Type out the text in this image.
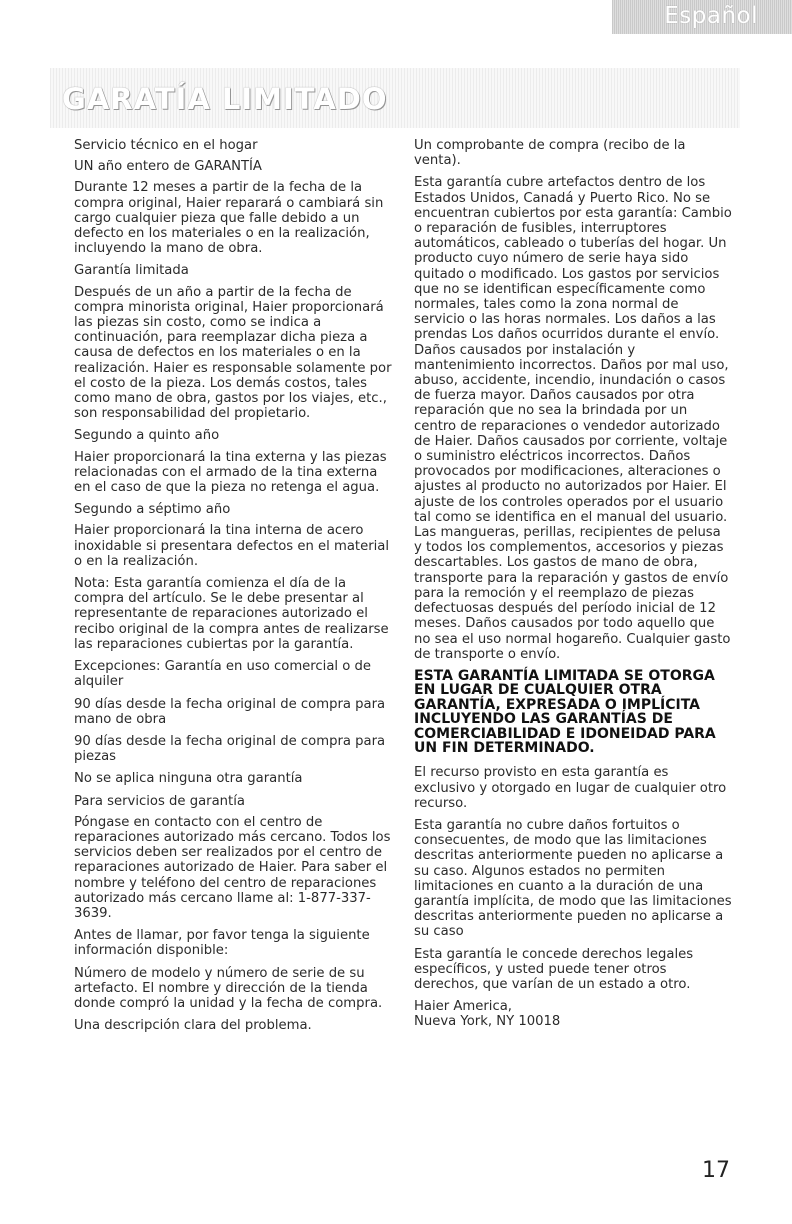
Español
GARATÍA LIMITADO

Servicio técnico en el hogar

UN año entero de GARANTÍA

Durante 12 meses a partir de la fecha de la compra original, Haier reparará o cambiará sin cargo cualquier pieza que falle debido a un defecto en los materiales o en la realización, incluyendo la mano de obra.

Garantía limitada

Después de un año a partir de la fecha de compra minorista original, Haier proporcionará las piezas sin costo, como se indica a continuación, para reemplazar dicha pieza a causa de defectos en los materiales o en la realización. Haier es responsable solamente por el costo de la pieza. Los demás costos, tales como mano de obra, gastos por los viajes, etc., son responsabilidad del propietario.

Segundo a quinto año

Haier proporcionará la tina externa y las piezas relacionadas con el armado de la tina externa en el caso de que la pieza no retenga el agua.

Segundo a séptimo año

Haier proporcionará la tina interna de acero inoxidable si presentara defectos en el material o en la realización.

Nota: Esta garantía comienza el día de la compra del artículo. Se le debe presentar al representante de reparaciones autorizado el recibo original de la compra antes de realizarse las reparaciones cubiertas por la garantía.

Excepciones: Garantía en uso comercial o de alquiler

90 días desde la fecha original de compra para mano de obra

90 días desde la fecha original de compra para piezas

No se aplica ninguna otra garantía

Para servicios de garantía

Póngase en contacto con el centro de reparaciones autorizado más cercano. Todos los servicios deben ser realizados por el centro de reparaciones autorizado de Haier. Para saber el nombre y teléfono del centro de reparaciones autorizado más cercano llame al: 1-877-337-3639.

Antes de llamar, por favor tenga la siguiente información disponible:

Número de modelo y número de serie de su artefacto. El nombre y dirección de la tienda donde compró la unidad y la fecha de compra.

Una descripción clara del problema.

Un comprobante de compra (recibo de la venta).

Esta garantía cubre artefactos dentro de los Estados Unidos, Canadá y Puerto Rico. No se encuentran cubiertos por esta garantía: Cambio o reparación de fusibles, interruptores automáticos, cableado o tuberías del hogar. Un producto cuyo número de serie haya sido quitado o modificado. Los gastos por servicios que no se identifican específicamente como normales, tales como la zona normal de servicio o las horas normales. Los daños a las prendas Los daños ocurridos durante el envío. Daños causados por instalación y mantenimiento incorrectos. Daños por mal uso, abuso, accidente, incendio, inundación o casos de fuerza mayor. Daños causados por otra reparación que no sea la brindada por un centro de reparaciones o vendedor autorizado de Haier. Daños causados por corriente, voltaje o suministro eléctricos incorrectos. Daños provocados por modificaciones, alteraciones o ajustes al producto no autorizados por Haier. El ajuste de los controles operados por el usuario tal como se identifica en el manual del usuario. Las mangueras, perillas, recipientes de pelusa y todos los complementos, accesorios y piezas descartables. Los gastos de mano de obra, transporte para la reparación y gastos de envío para la remoción y el reemplazo de piezas defectuosas después del período inicial de 12 meses. Daños causados por todo aquello que no sea el uso normal hogareño. Cualquier gasto de transporte o envío.

ESTA GARANTÍA LIMITADA SE OTORGA EN LUGAR DE CUALQUIER OTRA GARANTÍA, EXPRESADA O IMPLÍCITA INCLUYENDO LAS GARANTÍAS DE COMERCIABILIDAD E IDONEIDAD PARA UN FIN DETERMINADO.

El recurso provisto en esta garantía es exclusivo y otorgado en lugar de cualquier otro recurso.

Esta garantía no cubre daños fortuitos o consecuentes, de modo que las limitaciones descritas anteriormente pueden no aplicarse a su caso. Algunos estados no permiten limitaciones en cuanto a la duración de una garantía implícita, de modo que las limitaciones descritas anteriormente pueden no aplicarse a su caso

Esta garantía le concede derechos legales específicos, y usted puede tener otros derechos, que varían de un estado a otro.

Haier America,
Nueva York, NY 10018

17
